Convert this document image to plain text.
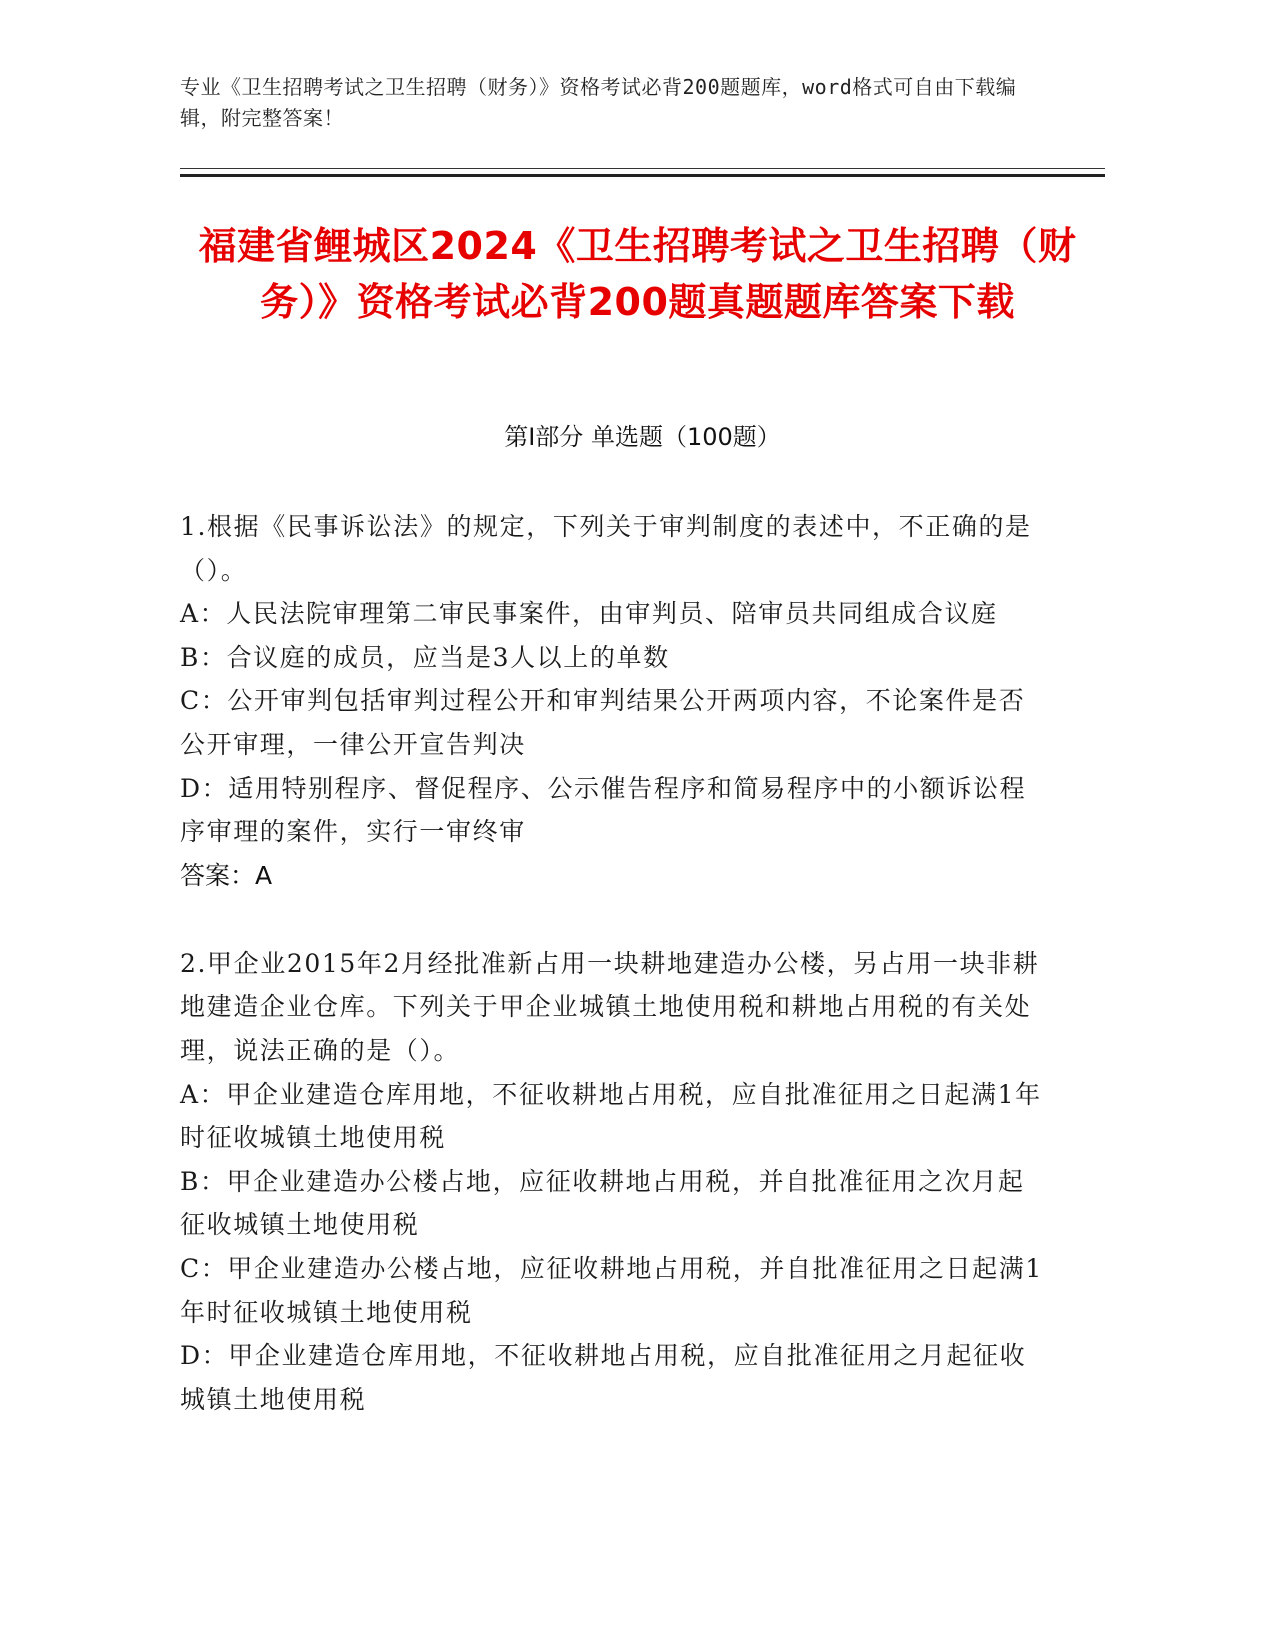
专业《卫生招聘考试之卫生招聘（财务）》资格考试必背200题题库，word格式可自由下载编辑，附完整答案！
福建省鲤城区2024《卫生招聘考试之卫生招聘（财务）》资格考试必背200题真题题库答案下载
第Ⅰ部分 单选题（100题）
1.根据《民事诉讼法》的规定，下列关于审判制度的表述中，不正确的是（）。
A：人民法院审理第二审民事案件，由审判员、陪审员共同组成合议庭
B：合议庭的成员，应当是3人以上的单数
C：公开审判包括审判过程公开和审判结果公开两项内容，不论案件是否公开审理，一律公开宣告判决
D：适用特别程序、督促程序、公示催告程序和简易程序中的小额诉讼程序审理的案件，实行一审终审
答案：A
2.甲企业2015年2月经批准新占用一块耕地建造办公楼，另占用一块非耕地建造企业仓库。下列关于甲企业城镇土地使用税和耕地占用税的有关处理，说法正确的是（）。
A：甲企业建造仓库用地，不征收耕地占用税，应自批准征用之日起满1年时征收城镇土地使用税
B：甲企业建造办公楼占地，应征收耕地占用税，并自批准征用之次月起征收城镇土地使用税
C：甲企业建造办公楼占地，应征收耕地占用税，并自批准征用之日起满1年时征收城镇土地使用税
D：甲企业建造仓库用地，不征收耕地占用税，应自批准征用之月起征收城镇土地使用税
